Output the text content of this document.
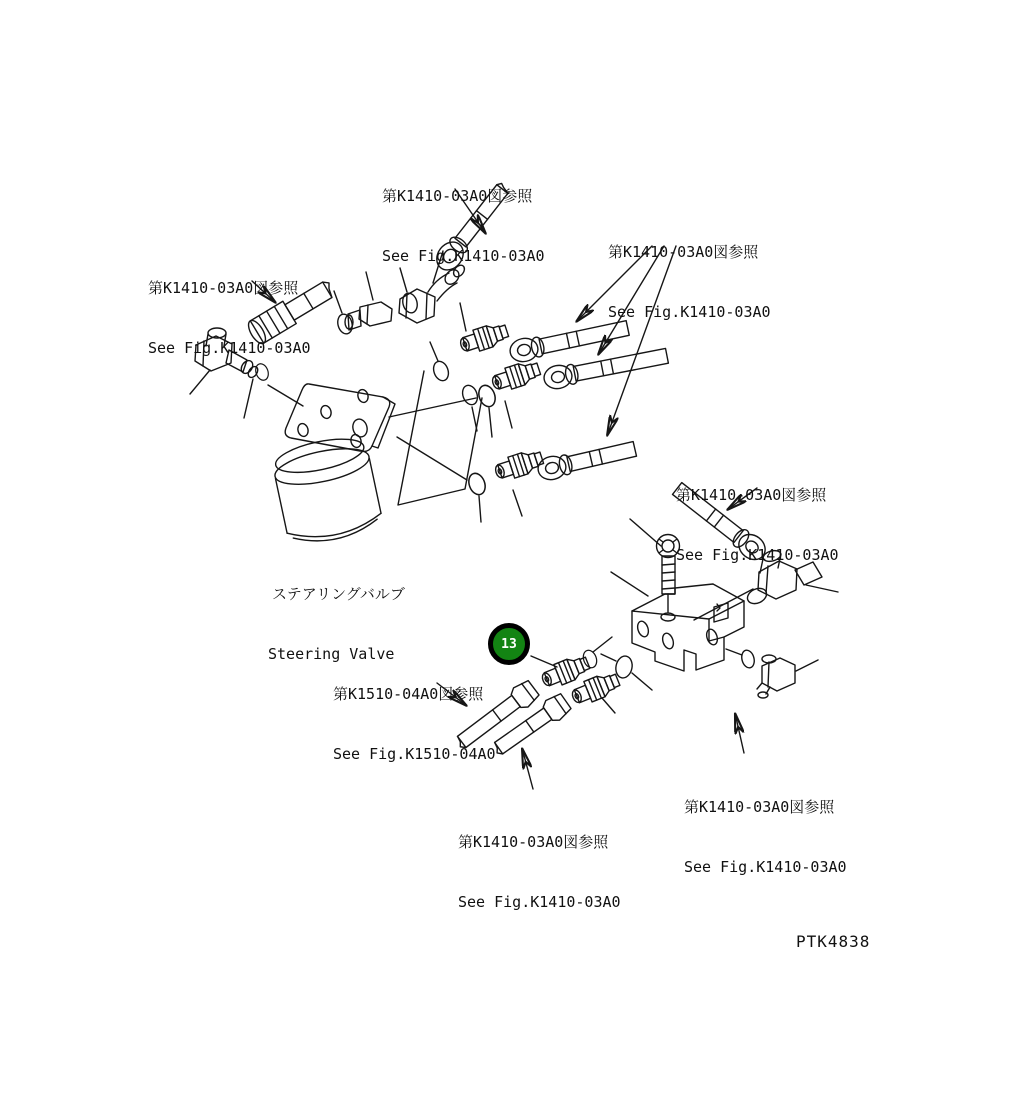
第K1410-03A0図参照

See Fig.K1410-03A0

	第K1410-03A0図参照

See Fig.K1410-03A0

第K1410-03A0図参照

See Fig.K1410-03A0

第K1410-03A0図参照

See Fig.K1410-03A0

第K1510-04A0図参照

See Fig.K1510-04A0

第K1410-03A0図参照

See Fig.K1410-03A0

第K1410-03A0図参照

See Fig.K1410-03A0

ステアリングバルブ

Steering Valve

13
PTK4838
